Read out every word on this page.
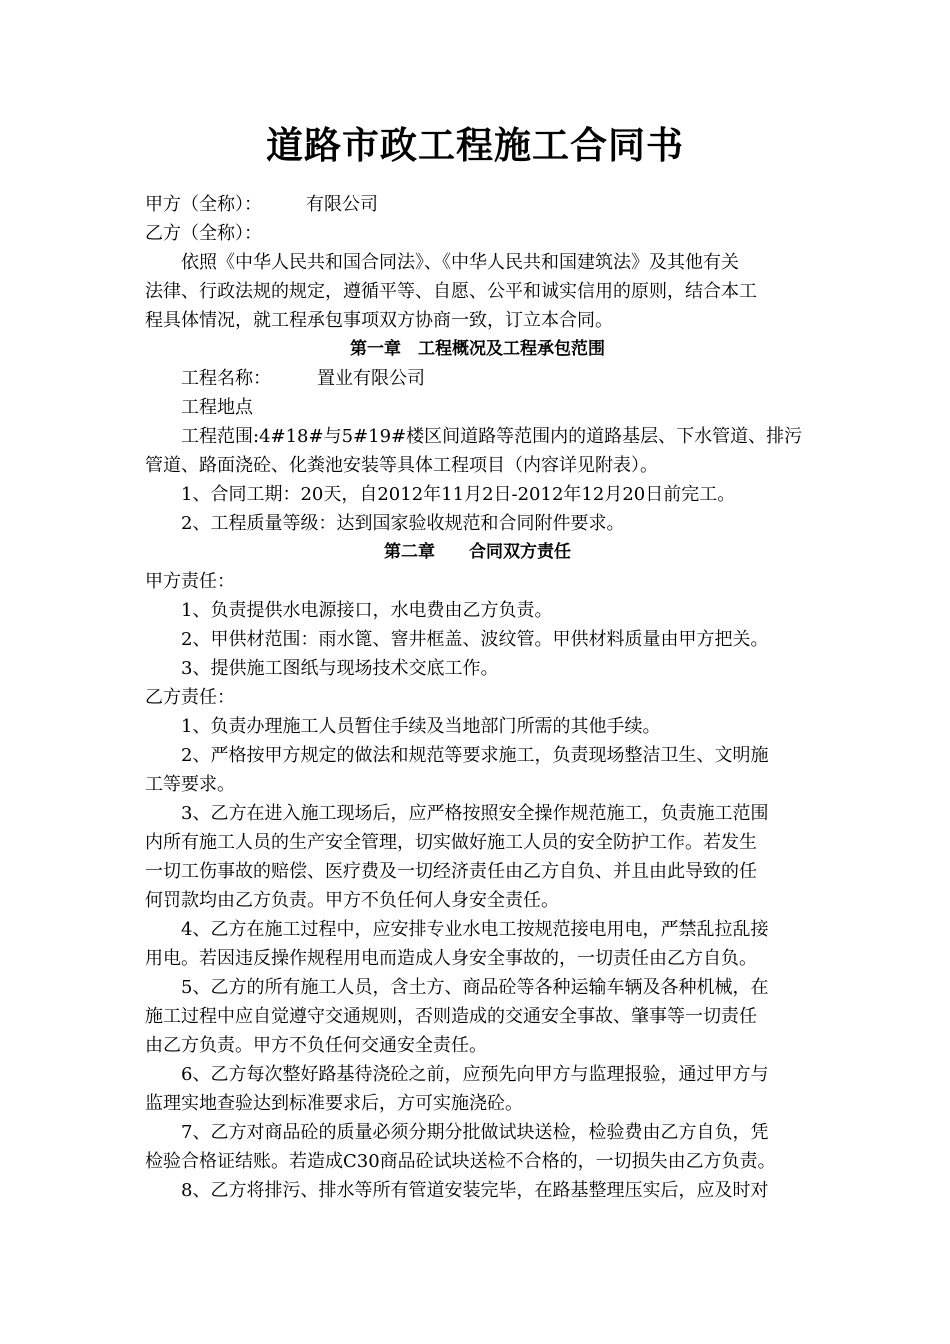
道路市政工程施工合同书
甲方（全称）： 有限公司
乙方（全称）：
依照《中华人民共和国合同法》、《中华人民共和国建筑法》及其他有关
法律、行政法规的规定，遵循平等、自愿、公平和诚实信用的原则，结合本工
程具体情况，就工程承包事项双方协商一致，订立本合同。
第一章　工程概况及工程承包范围
工程名称：	置业有限公司
工程地点
工程范围:4#18#与5#19#楼区间道路等范围内的道路基层、下水管道、排污
管道、路面浇砼、化粪池安装等具体工程项目（内容详见附表）。
1、合同工期：20天，自2012年11月2日-2012年12月20日前完工。
2、工程质量等级：达到国家验收规范和合同附件要求。
第二章　　合同双方责任
甲方责任：
1、负责提供水电源接口，水电费由乙方负责。
2、甲供材范围：雨水篦、窨井框盖、波纹管。甲供材料质量由甲方把关。
3、提供施工图纸与现场技术交底工作。
乙方责任：
1、负责办理施工人员暂住手续及当地部门所需的其他手续。
2、严格按甲方规定的做法和规范等要求施工，负责现场整洁卫生、文明施
工等要求。
3、乙方在进入施工现场后，应严格按照安全操作规范施工，负责施工范围
内所有施工人员的生产安全管理，切实做好施工人员的安全防护工作。若发生
一切工伤事故的赔偿、医疗费及一切经济责任由乙方自负、并且由此导致的任
何罚款均由乙方负责。甲方不负任何人身安全责任。
4、乙方在施工过程中，应安排专业水电工按规范接电用电，严禁乱拉乱接
用电。若因违反操作规程用电而造成人身安全事故的，一切责任由乙方自负。
5、乙方的所有施工人员，含土方、商品砼等各种运输车辆及各种机械，在
施工过程中应自觉遵守交通规则，否则造成的交通安全事故、肇事等一切责任
由乙方负责。甲方不负任何交通安全责任。
6、乙方每次整好路基待浇砼之前，应预先向甲方与监理报验，通过甲方与
监理实地查验达到标准要求后，方可实施浇砼。
7、乙方对商品砼的质量必须分期分批做试块送检，检验费由乙方自负，凭
检验合格证结账。若造成C30商品砼试块送检不合格的，一切损失由乙方负责。
8、乙方将排污、排水等所有管道安装完毕，在路基整理压实后，应及时对
